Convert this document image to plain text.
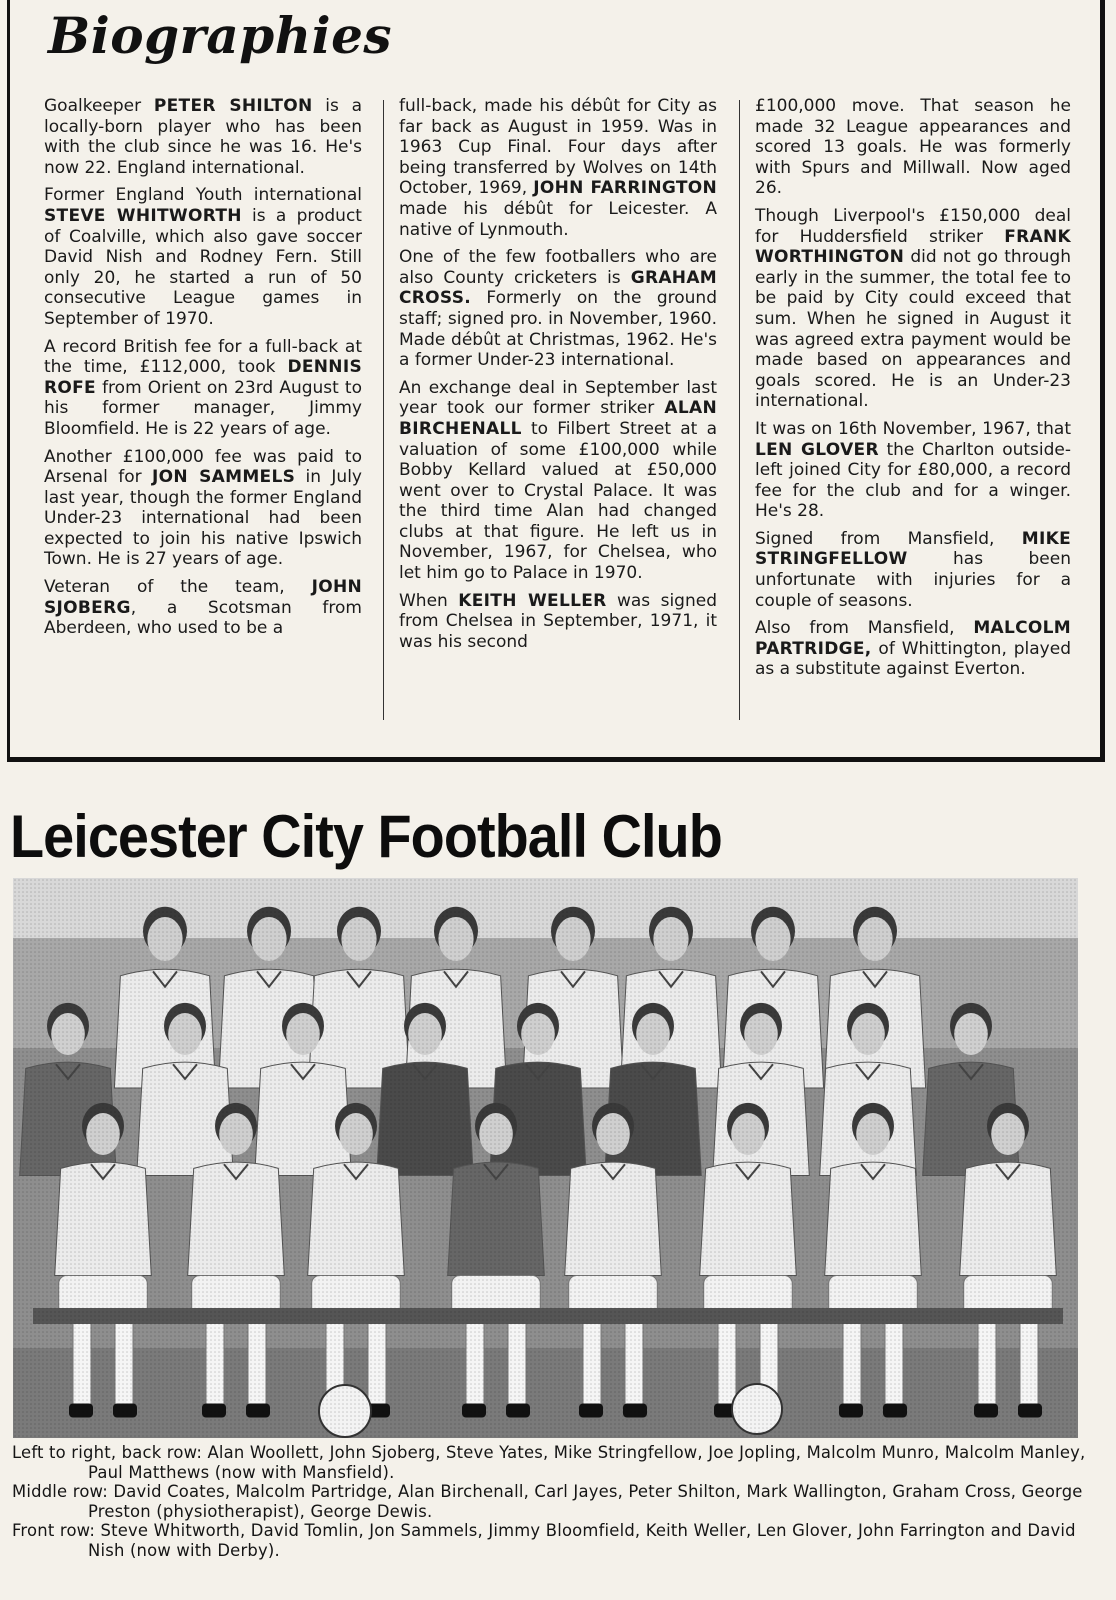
Biographies

Goalkeeper PETER SHILTON is a locally-born player who has been with the club since he was 16. He's now 22. England international.

Former England Youth international STEVE WHITWORTH is a product of Coalville, which also gave soccer David Nish and Rodney Fern. Still only 20, he started a run of 50 consecutive League games in September of 1970.

A record British fee for a full-back at the time, £112,000, took DENNIS ROFE from Orient on 23rd August to his former manager, Jimmy Bloomfield. He is 22 years of age.

Another £100,000 fee was paid to Arsenal for JON SAMMELS in July last year, though the former England Under-23 international had been expected to join his native Ipswich Town. He is 27 years of age.

Veteran of the team, JOHN SJOBERG, a Scotsman from Aberdeen, who used to be a

full-back, made his débût for City as far back as August in 1959. Was in 1963 Cup Final. Four days after being transferred by Wolves on 14th October, 1969, JOHN FARRINGTON made his débût for Leicester. A native of Lynmouth.

One of the few footballers who are also County cricketers is GRAHAM CROSS. Formerly on the ground staff; signed pro. in November, 1960. Made débût at Christmas, 1962. He's a former Under-23 international.

An exchange deal in September last year took our former striker ALAN BIRCHENALL to Filbert Street at a valuation of some £100,000 while Bobby Kellard valued at £50,000 went over to Crystal Palace. It was the third time Alan had changed clubs at that figure. He left us in November, 1967, for Chelsea, who let him go to Palace in 1970.

When KEITH WELLER was signed from Chelsea in September, 1971, it was his second

£100,000 move. That season he made 32 League appearances and scored 13 goals. He was formerly with Spurs and Millwall. Now aged 26.

Though Liverpool's £150,000 deal for Huddersfield striker FRANK WORTHINGTON did not go through early in the summer, the total fee to be paid by City could exceed that sum. When he signed in August it was agreed extra payment would be made based on appearances and goals scored. He is an Under-23 international.

It was on 16th November, 1967, that LEN GLOVER the Charlton outside-left joined City for £80,000, a record fee for the club and for a winger. He's 28.

Signed from Mansfield, MIKE STRINGFELLOW has been unfortunate with injuries for a couple of seasons.

Also from Mansfield, MALCOLM PARTRIDGE, of Whittington, played as a substitute against Everton.

Leicester City Football Club

Left to right, back row: Alan Woollett, John Sjoberg, Steve Yates, Mike Stringfellow, Joe Jopling, Malcolm Munro, Malcolm Manley, Paul Matthews (now with Mansfield).

Middle row: David Coates, Malcolm Partridge, Alan Birchenall, Carl Jayes, Peter Shilton, Mark Wallington, Graham Cross, George Preston (physiotherapist), George Dewis.

Front row: Steve Whitworth, David Tomlin, Jon Sammels, Jimmy Bloomfield, Keith Weller, Len Glover, John Farrington and David Nish (now with Derby).
